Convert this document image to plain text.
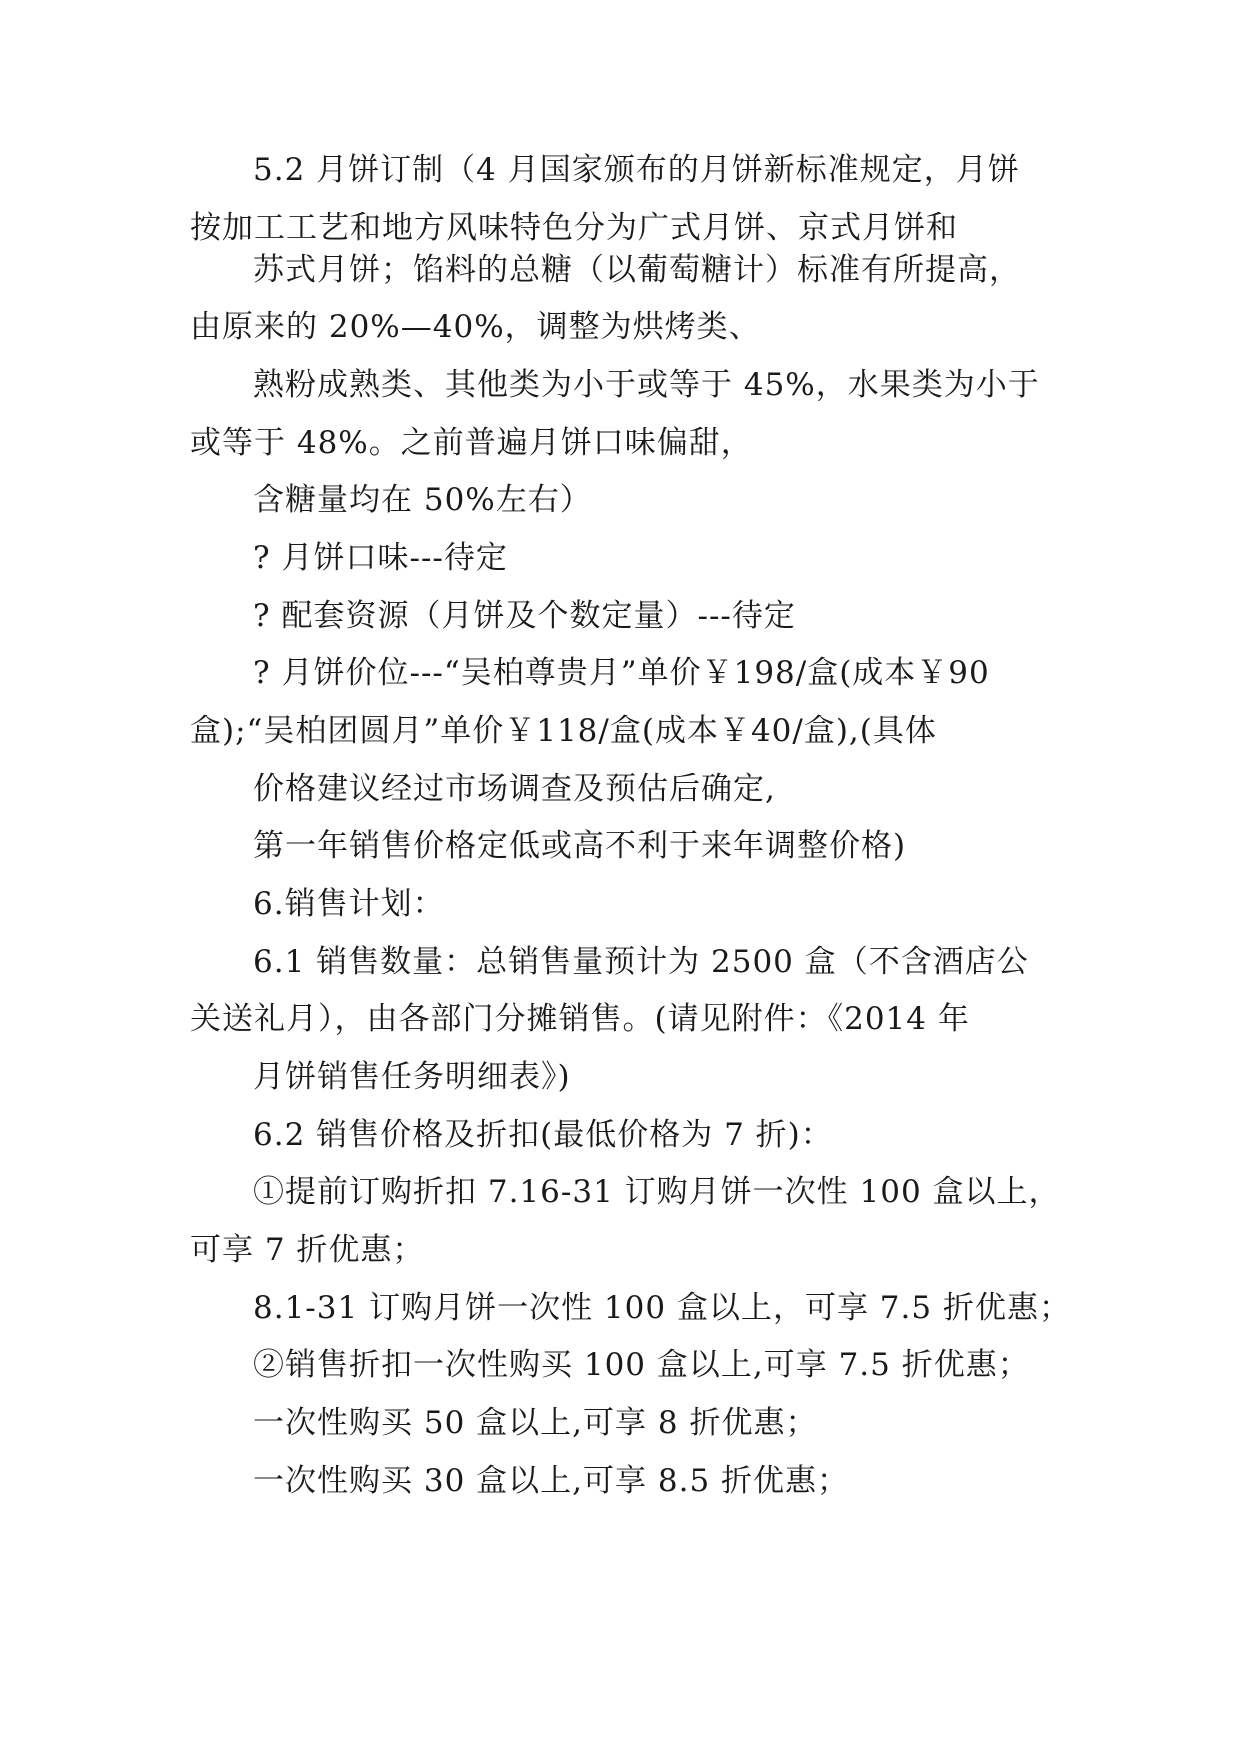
5.2 月饼订制（4 月国家颁布的月饼新标准规定，月饼
按加工工艺和地方风味特色分为广式月饼、京式月饼和
苏式月饼；馅料的总糖（以葡萄糖计）标准有所提高，
由原来的 20%—40%，调整为烘烤类、
熟粉成熟类、其他类为小于或等于 45%，水果类为小于
或等于 48%。之前普遍月饼口味偏甜，
含糖量均在 50%左右）
? 月饼口味---待定
? 配套资源（月饼及个数定量）---待定
? 月饼价位---“吴柏尊贵月”单价￥198/盒(成本￥90
盒);“吴柏团圆月”单价￥118/盒(成本￥40/盒),(具体
价格建议经过市场调查及预估后确定,
第一年销售价格定低或高不利于来年调整价格)
6.销售计划：
6.1 销售数量：总销售量预计为 2500 盒（不含酒店公
关送礼月），由各部门分摊销售。(请见附件：《2014 年
月饼销售任务明细表》)
6.2 销售价格及折扣(最低价格为 7 折)：
①提前订购折扣 7.16-31 订购月饼一次性 100 盒以上，
可享 7 折优惠；
8.1-31 订购月饼一次性 100 盒以上，可享 7.5 折优惠；
②销售折扣一次性购买 100 盒以上,可享 7.5 折优惠；
一次性购买 50 盒以上,可享 8 折优惠；
一次性购买 30 盒以上,可享 8.5 折优惠；
